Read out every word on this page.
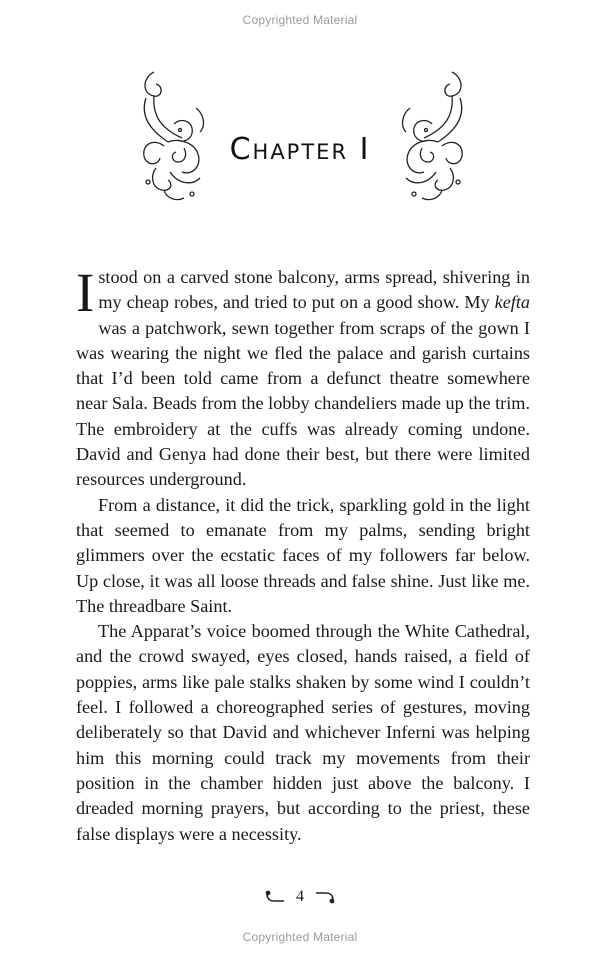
Copyrighted Material
Chapter I

I stood on a carved stone balcony, arms spread, shivering in my cheap robes, and tried to put on a good show. My kefta was a patchwork, sewn together from scraps of the gown I was wearing the night we fled the palace and garish curtains that I’d been told came from a defunct theatre somewhere near Sala. Beads from the lobby chandeliers made up the trim. The embroidery at the cuffs was already coming undone. David and Genya had done their best, but there were limited resources underground.

From a distance, it did the trick, sparkling gold in the light that seemed to emanate from my palms, sending bright glimmers over the ecstatic faces of my followers far below. Up close, it was all loose threads and false shine. Just like me. The threadbare Saint.

The Apparat’s voice boomed through the White Cathedral, and the crowd swayed, eyes closed, hands raised, a field of poppies, arms like pale stalks shaken by some wind I couldn’t feel. I followed a choreographed series of gestures, moving deliberately so that David and whichever Inferni was helping him this morning could track my movements from their position in the chamber hidden just above the balcony. I dreaded morning prayers, but according to the priest, these false displays were a necessity.

4
Copyrighted Material
